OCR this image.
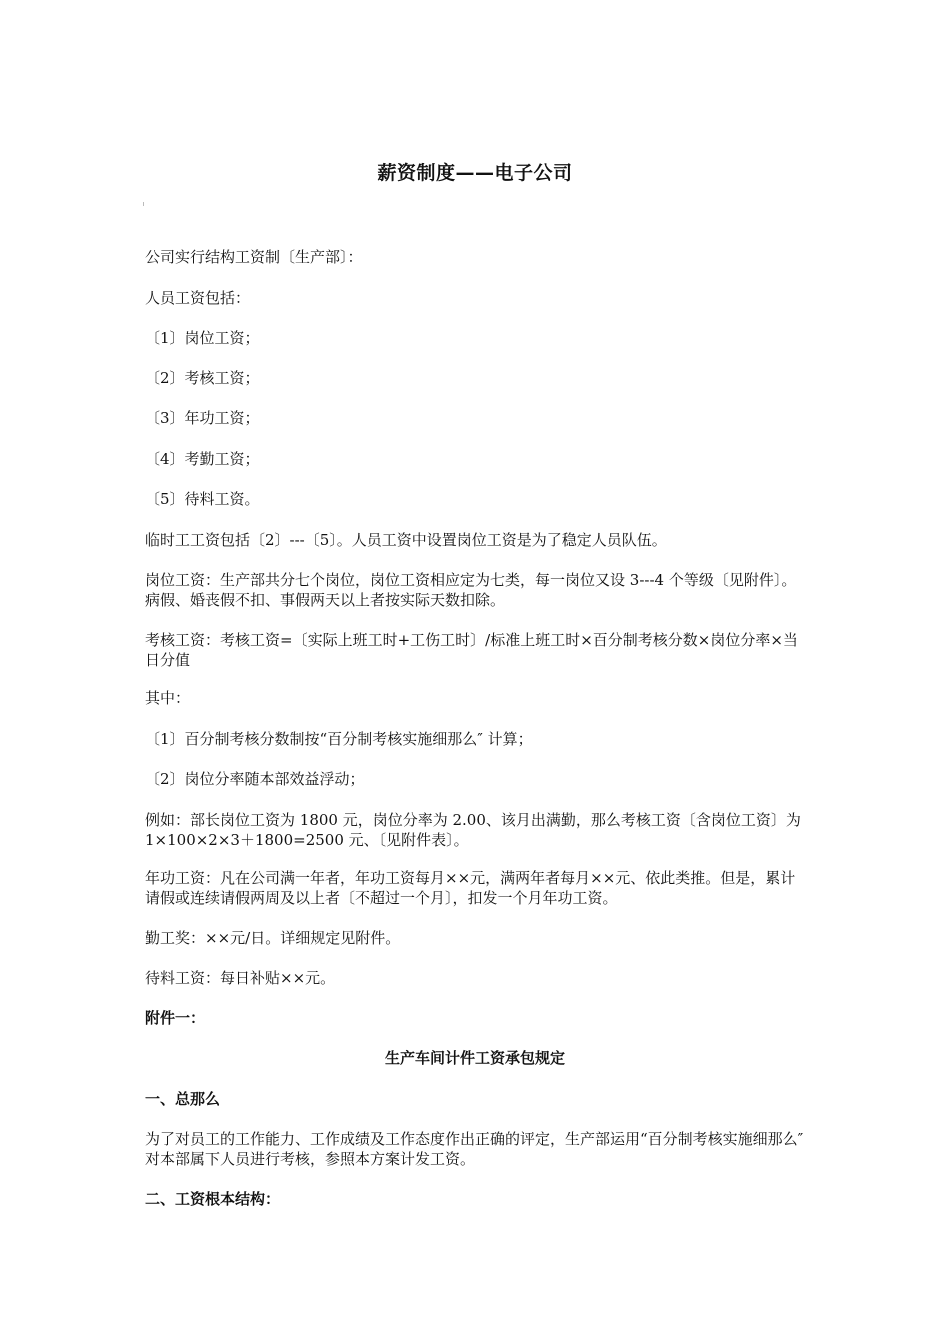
薪资制度——电子公司
公司实行结构工资制〔生产部〕：
人员工资包括：
〔1〕岗位工资；
〔2〕考核工资；
〔3〕年功工资；
〔4〕考勤工资；
〔5〕待料工资。
临时工工资包括〔2〕---〔5〕。人员工资中设置岗位工资是为了稳定人员队伍。
岗位工资：生产部共分七个岗位，岗位工资相应定为七类，每一岗位又设 3---4 个等级〔见附件〕。病假、婚丧假不扣、事假两天以上者按实际天数扣除。
考核工资：考核工资=〔实际上班工时+工伤工时〕/标准上班工时×百分制考核分数×岗位分率×当日分值
其中：
〔1〕百分制考核分数制按“百分制考核实施细那么″ 计算；
〔2〕岗位分率随本部效益浮动；
例如：部长岗位工资为 1800 元，岗位分率为 2.00、该月出满勤，那么考核工资〔含岗位工资〕为 1×100×2×3＋1800=2500 元、〔见附件表〕。
年功工资：凡在公司满一年者，年功工资每月××元，满两年者每月××元、依此类推。但是，累计请假或连续请假两周及以上者〔不超过一个月〕，扣发一个月年功工资。
勤工奖：××元/日。详细规定见附件。
待料工资：每日补贴××元。
附件一：
生产车间计件工资承包规定
一、总那么
为了对员工的工作能力、工作成绩及工作态度作出正确的评定，生产部运用“百分制考核实施细那么″ 对本部属下人员进行考核，参照本方案计发工资。
二、工资根本结构：
